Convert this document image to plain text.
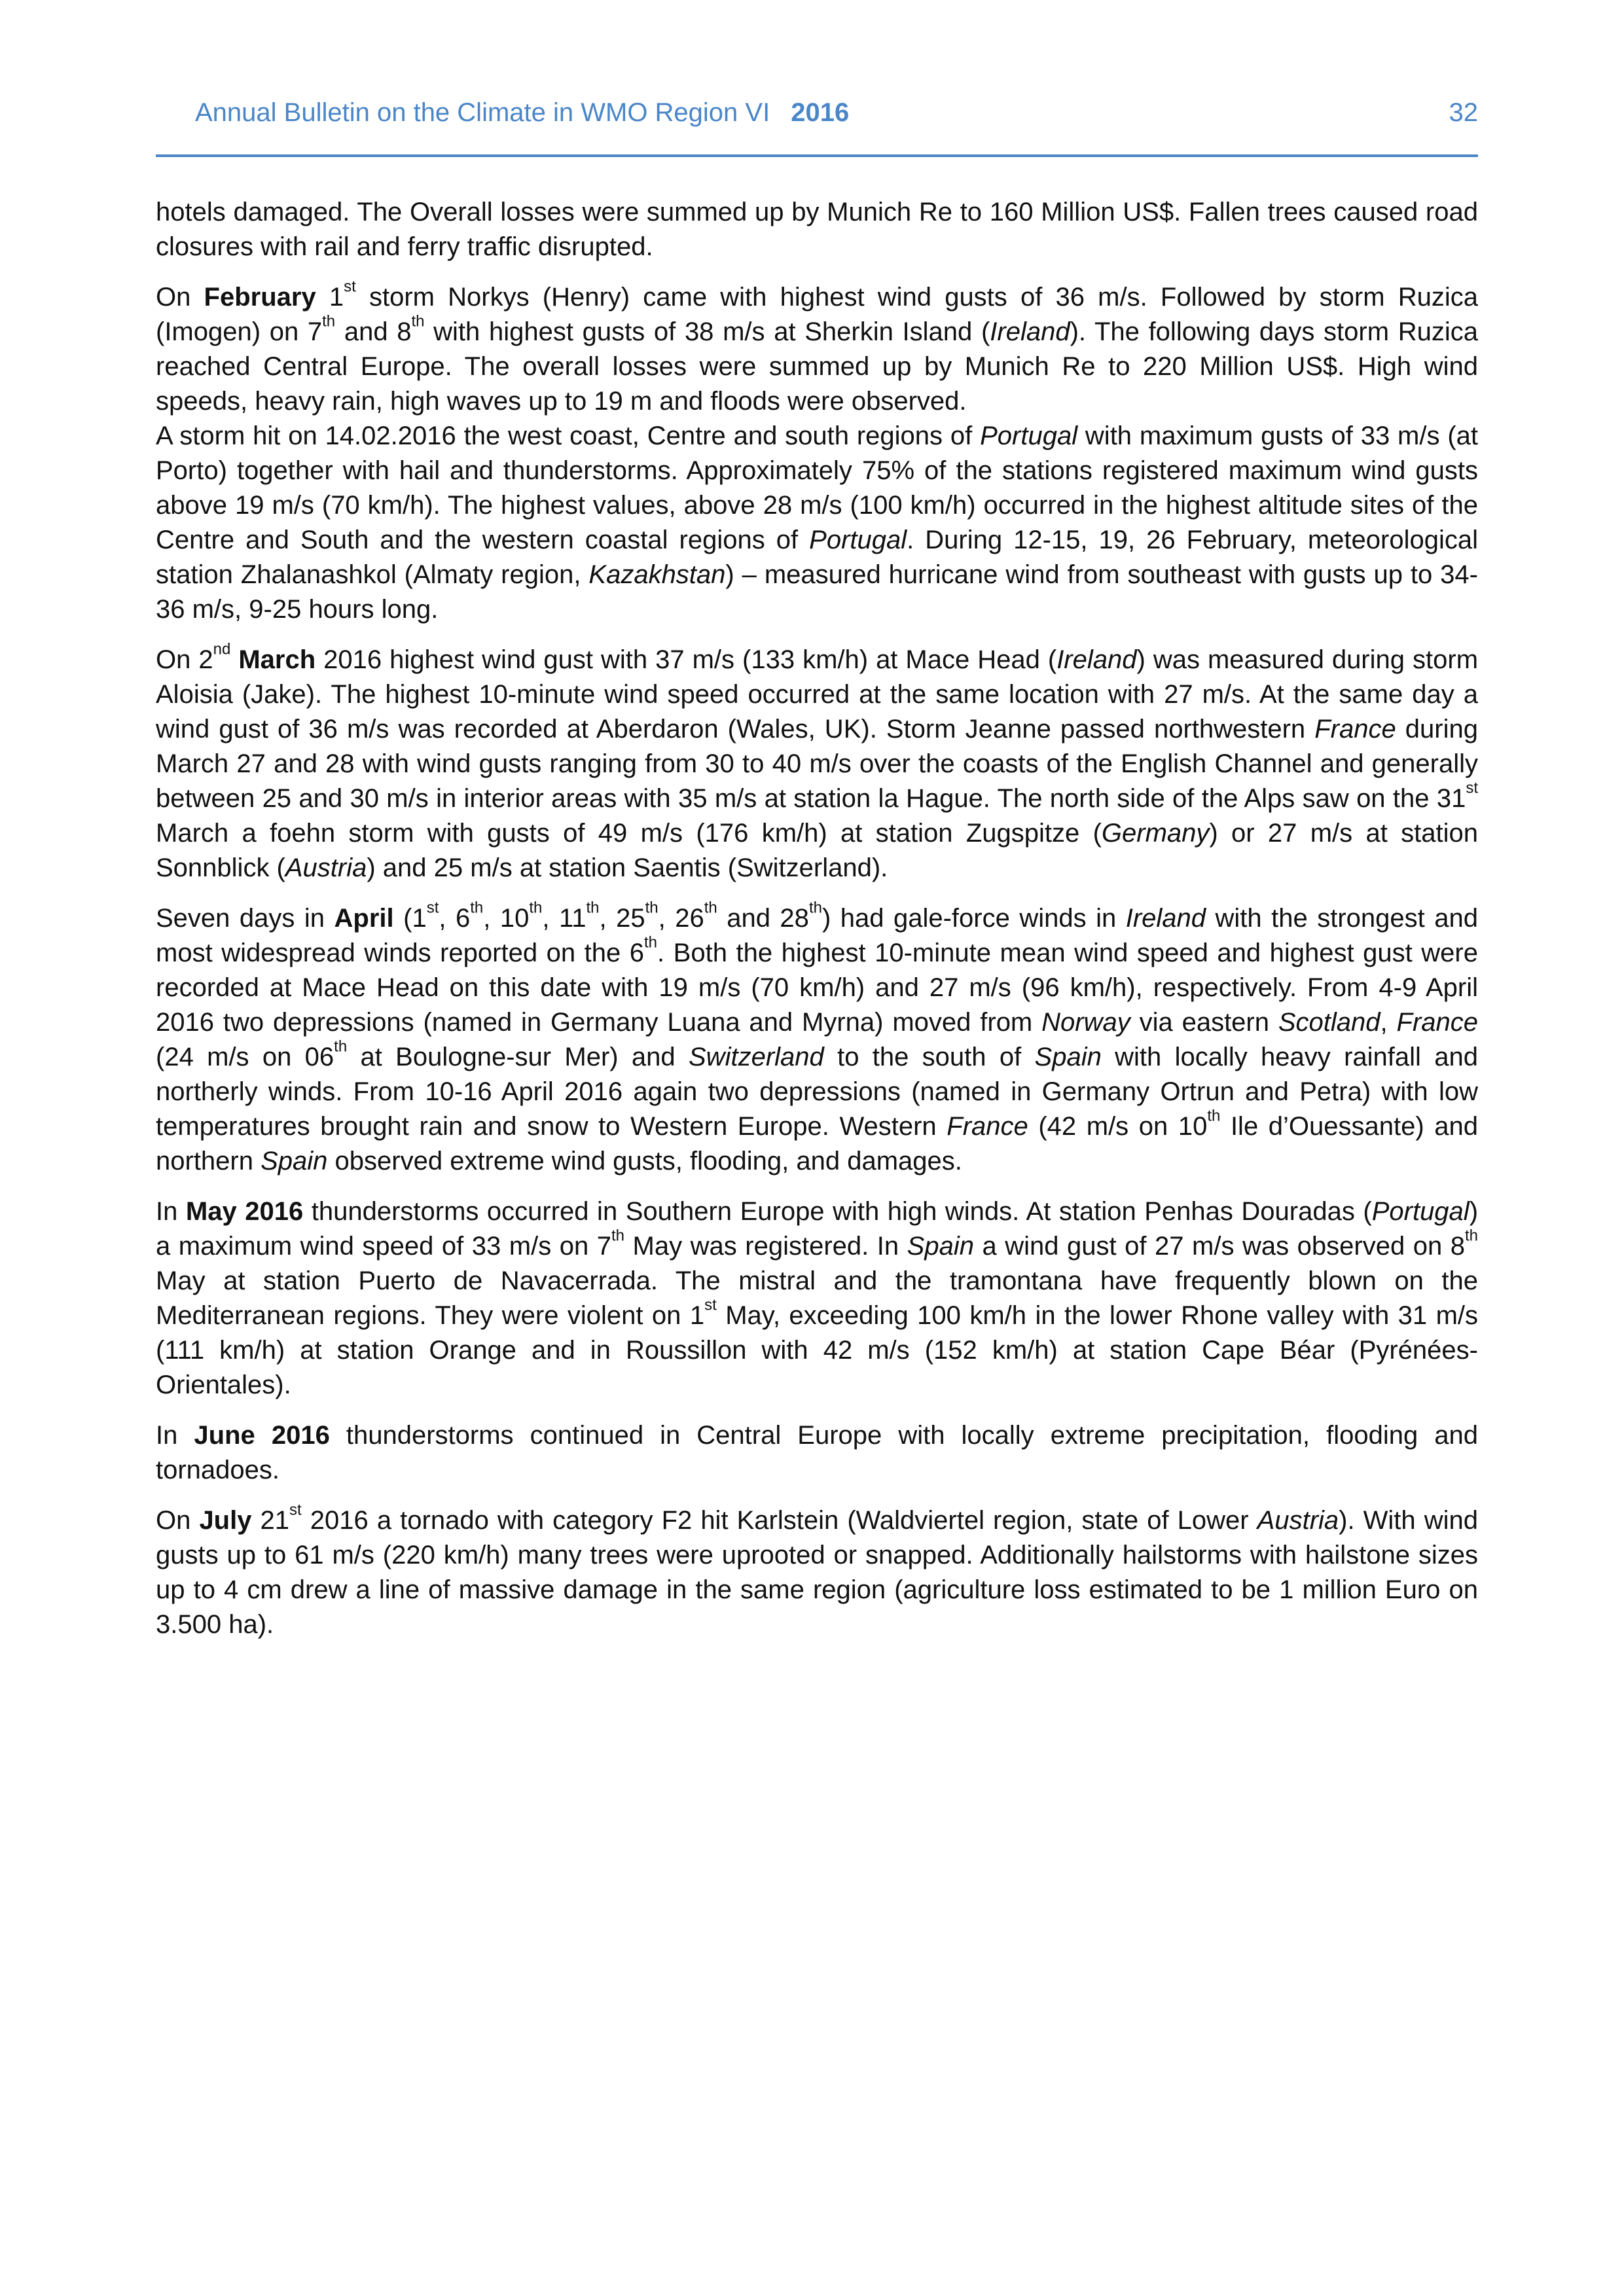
Annual Bulletin on the Climate in WMO Region VI 2016	32

hotels damaged. The Overall losses were summed up by Munich Re to 160 Million US$. Fallen trees caused road closures with rail and ferry traffic disrupted.

On February 1st storm Norkys (Henry) came with highest wind gusts of 36 m/s. Followed by storm Ruzica (Imogen) on 7th and 8th with highest gusts of 38 m/s at Sherkin Island (Ireland). The following days storm Ruzica reached Central Europe. The overall losses were summed up by Munich Re to 220 Million US$. High wind speeds, heavy rain, high waves up to 19 m and floods were observed.

A storm hit on 14.02.2016 the west coast, Centre and south regions of Portugal with maximum gusts of 33 m/s (at Porto) together with hail and thunderstorms. Approximately 75% of the stations registered maximum wind gusts above 19 m/s (70 km/h). The highest values, above 28 m/s (100 km/h) occurred in the highest altitude sites of the Centre and South and the western coastal regions of Portugal. During 12-15, 19, 26 February, meteorological station Zhalanashkol (Almaty region, Kazakhstan) – measured hurricane wind from southeast with gusts up to 34-36 m/s, 9-25 hours long.

On 2nd March 2016 highest wind gust with 37 m/s (133 km/h) at Mace Head (Ireland) was measured during storm Aloisia (Jake). The highest 10-minute wind speed occurred at the same location with 27 m/s. At the same day a wind gust of 36 m/s was recorded at Aberdaron (Wales, UK). Storm Jeanne passed northwestern France during March 27 and 28 with wind gusts ranging from 30 to 40 m/s over the coasts of the English Channel and generally between 25 and 30 m/s in interior areas with 35 m/s at station la Hague. The north side of the Alps saw on the 31st March a foehn storm with gusts of 49 m/s (176 km/h) at station Zugspitze (Germany) or 27 m/s at station Sonnblick (Austria) and 25 m/s at station Saentis (Switzerland).

Seven days in April (1st, 6th, 10th, 11th, 25th, 26th and 28th) had gale-force winds in Ireland with the strongest and most widespread winds reported on the 6th. Both the highest 10-minute mean wind speed and highest gust were recorded at Mace Head on this date with 19 m/s (70 km/h) and 27 m/s (96 km/h), respectively. From 4-9 April 2016 two depressions (named in Germany Luana and Myrna) moved from Norway via eastern Scotland, France (24 m/s on 06th at Boulogne-sur Mer) and Switzerland to the south of Spain with locally heavy rainfall and northerly winds. From 10-16 April 2016 again two depressions (named in Germany Ortrun and Petra) with low temperatures brought rain and snow to Western Europe. Western France (42 m/s on 10th Ile d’Ouessante) and northern Spain observed extreme wind gusts, flooding, and damages.

In May 2016 thunderstorms occurred in Southern Europe with high winds. At station Penhas Douradas (Portugal) a maximum wind speed of 33 m/s on 7th May was registered. In Spain a wind gust of 27 m/s was observed on 8th May at station Puerto de Navacerrada. The mistral and the tramontana have frequently blown on the Mediterranean regions. They were violent on 1st May, exceeding 100 km/h in the lower Rhone valley with 31 m/s (111 km/h) at station Orange and in Roussillon with 42 m/s (152 km/h) at station Cape Béar (Pyrénées-Orientales).

In June 2016 thunderstorms continued in Central Europe with locally extreme precipitation, flooding and tornadoes.

On July 21st 2016 a tornado with category F2 hit Karlstein (Waldviertel region, state of Lower Austria). With wind gusts up to 61 m/s (220 km/h) many trees were uprooted or snapped. Additionally hailstorms with hailstone sizes up to 4 cm drew a line of massive damage in the same region (agriculture loss estimated to be 1 million Euro on 3.500 ha).
